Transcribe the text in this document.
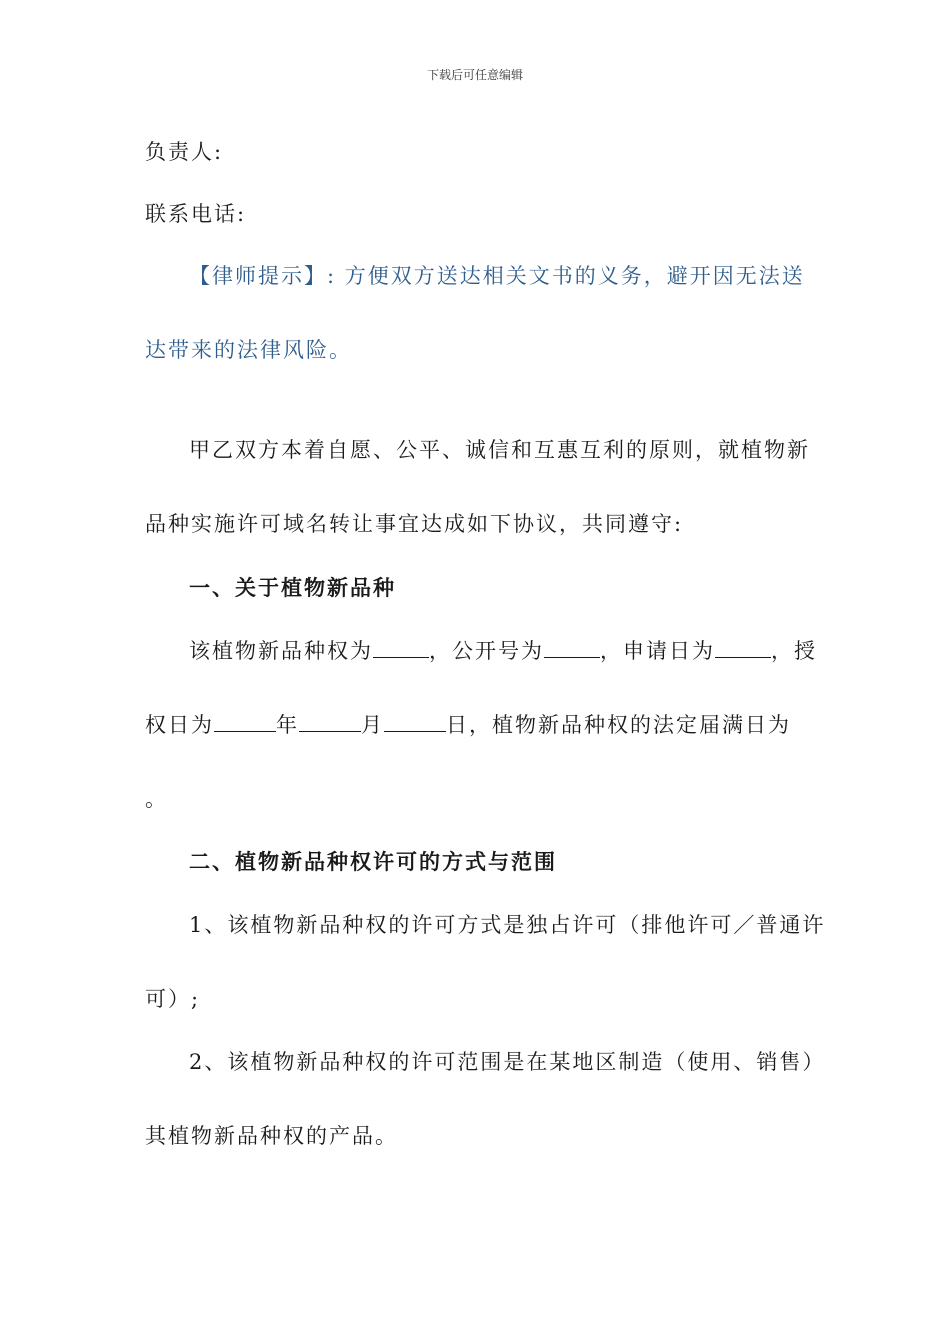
下载后可任意编辑
负责人:
联系电话:
【律师提示】: 方便双方送达相关文书的义务，避开因无法送
达带来的法律风险。
甲乙双方本着自愿、公平、诚信和互惠互利的原则，就植物新
品种实施许可域名转让事宜达成如下协议，共同遵守:
一、关于植物新品种
该植物新品种权为	，公开号为	，申请日为	，授
权日为	年	月	日，植物新品种权的法定届满日为
。
二、植物新品种权许可的方式与范围
1、该植物新品种权的许可方式是独占许可（排他许可／普通许
可）;
2、该植物新品种权的许可范围是在某地区制造（使用、销售）
其植物新品种权的产品。
